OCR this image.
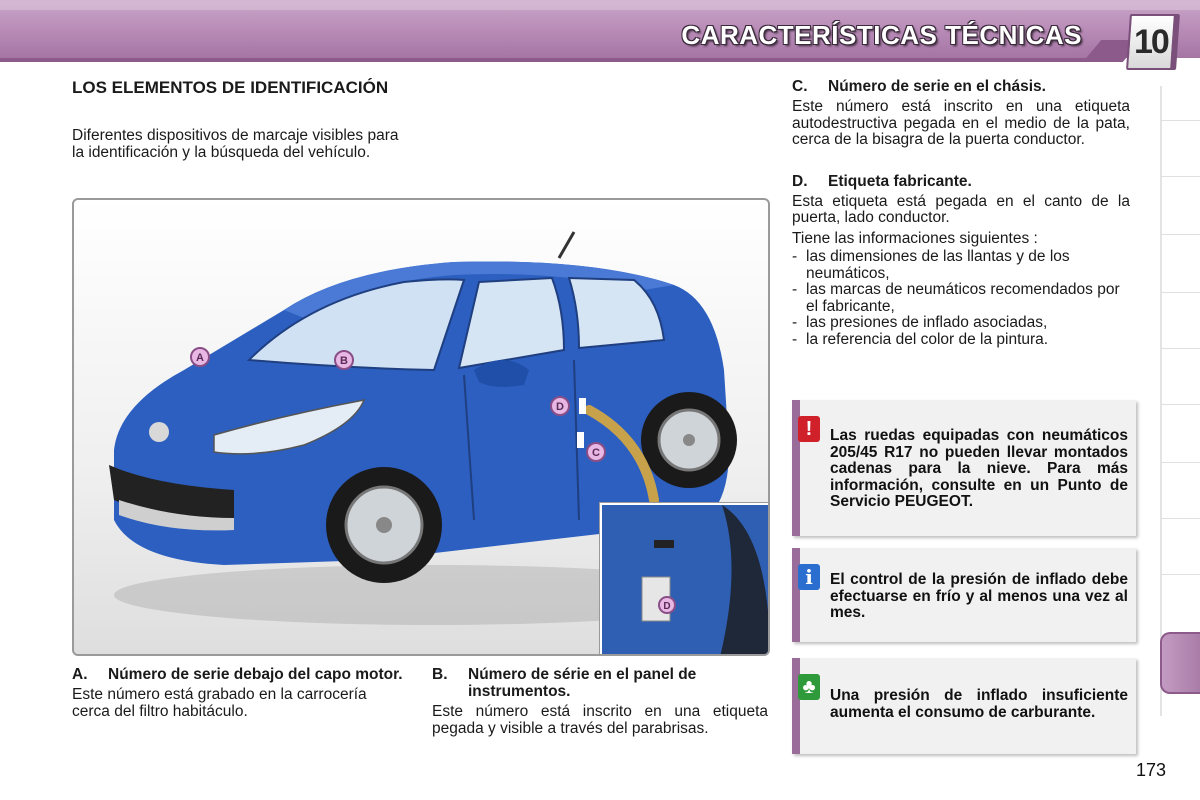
CARACTERÍSTICAS TÉCNICAS 10
LOS ELEMENTOS DE IDENTIFICACIÓN

Diferentes dispositivos de marcaje visibles para la identificación y la búsqueda del vehículo.

A	B
C
D
D
A.	Número de serie debajo del capo motor.

Este número está grabado en la carrocería cerca del filtro habitáculo.

B.	Número de série en el panel de instrumentos.

Este número está inscrito en una etiqueta pegada y visible a través del parabrisas.

C.	Número de serie en el chásis.

Este número está inscrito en una etiqueta autodestructiva pegada en el medio de la pata, cerca de la bisagra de la puerta conductor.

D.	Etiqueta fabricante.

Esta etiqueta está pegada en el canto de la puerta, lado conductor.

Tiene las informaciones siguientes :

- las dimensiones de las llantas y de los neumáticos,
- las marcas de neumáticos recomendados por el fabricante,
- las presiones de inflado asociadas,
- la referencia del color de la pintura.
!	Las ruedas equipadas con neumáticos 205/45 R17 no pueden llevar montados cadenas para la nieve. Para más información, consulte en un Punto de Servicio PEUGEOT.
i	El control de la presión de inflado debe efectuarse en frío y al menos una vez al mes.
♣ Una presión de inflado insuficiente aumenta el consumo de carburante.
173
